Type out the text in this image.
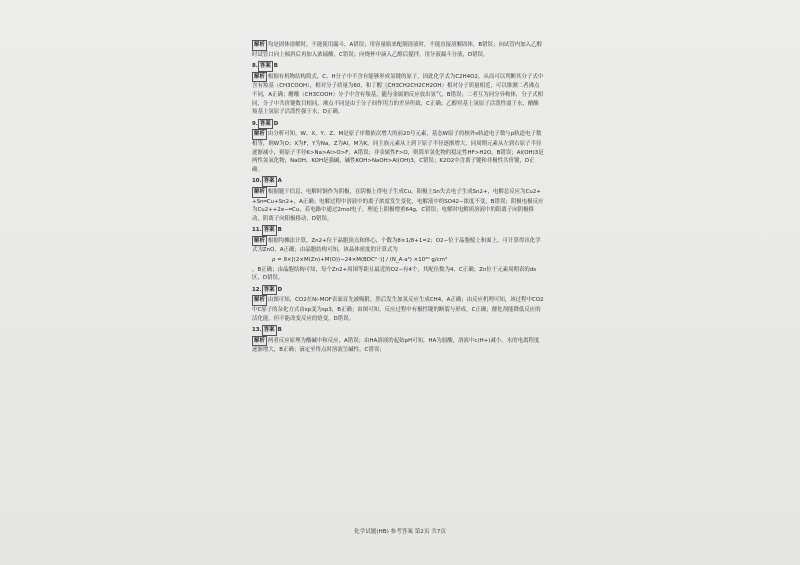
◈

解析 均是固体溶解时，不能使用漏斗，A错误；用容量瓶来配制溶液时，不能直接溶解固体，B错误；向试管内加入乙醇时试管口向上倾斜后再加入浓硫酸，C错误；向烧杯中滴入乙醇后搅拌，用分液漏斗分液，D错误。

8. 答案 B

解析 根据有机物结构简式，C、H分子中不含有能够形成氢键的原子，因此化学式为C2H4O2，从而可以判断其分子式中含有羧基（CH3COOH），相对分子质量为60，和丁醇（CH3CH2CH2CH2OH）相对分子质量相近，可以推测二者沸点不同，A正确；醋酸（CH3COOH）分子中含有羧基，能与金属钠反应放出氢气，B错误；二者互为同分异构体，分子式相同，分子中共价键数目相同，沸点不同是由于分子间作用力的差异所致，C正确；乙醇羟基上氢原子活泼性弱于水，醋酸羧基上氢原子活泼性强于水，D正确。

9. 答案 D

解析 由分析可知，W、X、Y、Z、M是原子序数依次增大的前20号元素，基态W原子的核外s轨道电子数与p轨道电子数相等，则W为O；X为F，Y为Na，Z为Al，M为K。同主族元素从上到下原子半径逐渐增大，同周期元素从左到右原子半径逐渐减小，则原子半径K>Na>Al>O>F，A错误；非金属性F>O，则简单氢化物的稳定性HF>H2O，B错误；Al(OH)3是两性氢氧化物，NaOH、KOH是强碱，碱性KOH>NaOH>Al(OH)3，C错误；K2O2中含离子键和非极性共价键，D正确。

10. 答案 A

解析 根据题干信息，电解时铜作为阴极，在阴极上得电子生成Cu，阳极上Sn失去电子生成Sn2+，电解总反应为Cu2++Sn═Cu+Sn2+，A正确；电解过程中溶液中的离子浓度发生变化，电解液中的SO42−浓度不变，B错误；阴极电极反应为Cu2++2e−═Cu，若电路中通过2mol电子，理论上阴极增重64g，C错误；电解时电解质溶液中的阳离子向阴极移动，阴离子向阳极移动，D错误。

11. 答案 B

解析 根据均摊法计算，Zn2+位于晶胞顶点和体心，个数为8×1/8+1=2；O2−位于晶胞棱上和面上，可计算得出化学式为ZnO，A正确；由晶胞结构可知，该晶体密度的计算式为

ρ = 8×[(2×M(Zn)+M(O))−24×M(BDC²⁻)] / (N_A·a³) ×10³⁰ g/cm³

，B正确；由晶胞结构可知，每个Zn2+周围等距且最近的O2−有4个，其配位数为4，C正确；Zn位于元素周期表的ds区，D错误。

12. 答案 D

解析 由图可知，CO2在Ni-MOF表面首先被吸附，然后发生加氢反应生成CH4，A正确；由反应机理可知，该过程中CO2中C原子的杂化方式由sp变为sp3，B正确；由图可知，反应过程中有极性键的断裂与形成，C正确；催化剂能降低反应的活化能，但不能改变反应的焓变，D错误。

13. 答案 B

解析 两者反应原理为酸碱中和反应，A错误；由HA溶液的起始pH可知，HA为弱酸，溶液中c(H+)减小，水的电离程度逐渐增大，B正确；滴定至终点时溶液呈碱性，C错误；

化学试题(HB) 参考答案 第2页 共7页
